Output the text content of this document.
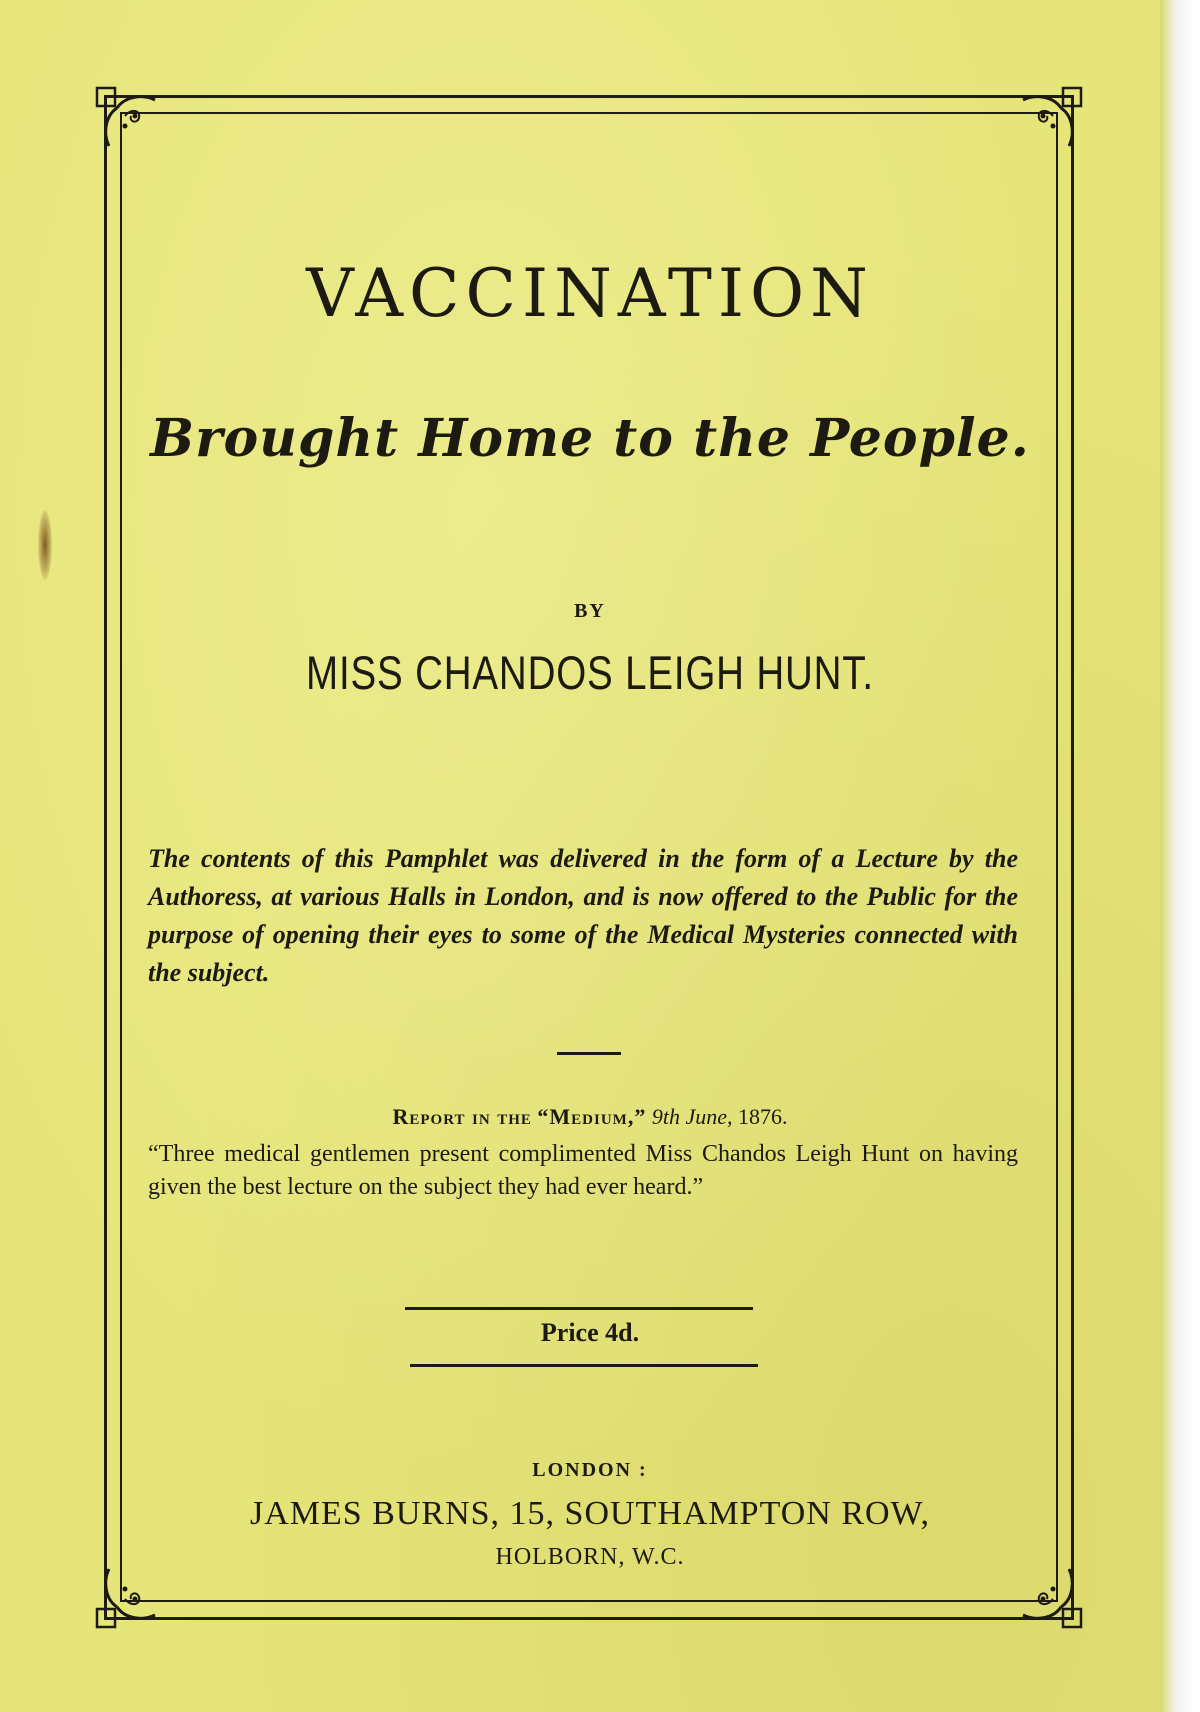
VACCINATION
Brought Home to the People.
BY
MISS CHANDOS LEIGH HUNT.
The contents of this Pamphlet was delivered in the form of a Lecture by the Authoress, at various Halls in London, and is now offered to the Public for the purpose of opening their eyes to some of the Medical Mysteries connected with the subject.
Report in the “Medium,” 9th June, 1876.
“Three medical gentlemen present complimented Miss Chandos Leigh Hunt on having given the best lecture on the subject they had ever heard.”
Price 4d.
LONDON :
JAMES BURNS, 15, SOUTHAMPTON ROW,
HOLBORN, W.C.
